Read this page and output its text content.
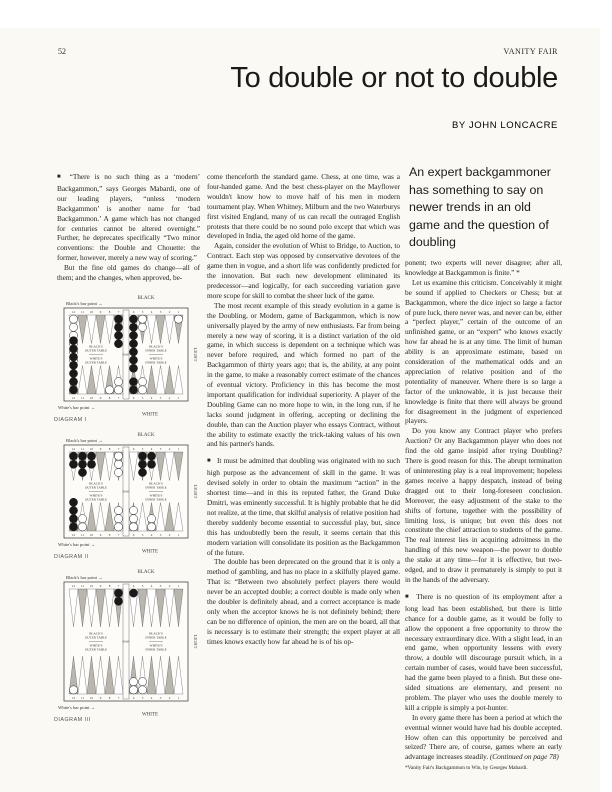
52	VANITY FAIR
To double or not to double
BY JOHN LONCACRE

■ “There is no such thing as a ‘modern’ Backgammon,” says Georges Mabardi, one of our leading players, “unless ‘modern Backgammon’ is another name for ‘bad Backgammon.’ A game which has not changed for centuries cannot be altered overnight.” Further, he deprecates specifically “Two minor conventions: the Double and Chouette: the former, however, merely a new way of scoring.”

But the fine old games do change—all of them; and the changes, when approved, be-

BLACK
Black's bar point →
BAR
12
12
11
11
10
10
9
9
8
8
7
7
6
6
5
5
4
4
3
3
2
2
1
1
BLACK'S
OUTER TABLE
BLACK'S
INNER TABLE
WHITE'S
OUTER TABLE
WHITE'S
INNER TABLE
LIGHT
White's bar point →
WHITE
DIAGRAM I
BLACK
Black's bar point →
BAR
12
12
11
11
10
10
9
9
8
8
7
7
6
6
5
5
4
4
3
3
2
2
1
1
BLACK'S
OUTER TABLE
BLACK'S
INNER TABLE
WHITE'S
OUTER TABLE
WHITE'S
INNER TABLE
LIGHT
White's bar point →
WHITE
DIAGRAM II
BLACK
Black's bar point →
BAR
12
12
11
11
10
10
9
9
8
8
7
7
6
6
5
5
4
4
3
3
2
2
1
1
BLACK'S
OUTER TABLE
BLACK'S
INNER TABLE
WHITE'S
OUTER TABLE
WHITE'S
INNER TABLE
LIGHT
White's bar point →
WHITE
DIAGRAM III

come thenceforth the standard game. Chess, at one time, was a four-handed game. And the best chess-player on the Mayflower wouldn't know how to move half of his men in modern tournament play. When Whitney, Milburn and the two Waterburys first visited England, many of us can recall the outraged English protests that there could be no sound polo except that which was developed in India, the aged old home of the game.

Again, consider the evolution of Whist to Bridge, to Auction, to Contract. Each step was opposed by conservative devotees of the game then in vogue, and a short life was confidently predicted for the innovation. But each new development eliminated its predecessor—and logically, for each succeeding variation gave more scope for skill to combat the sheer luck of the game.

The most recent example of this steady evolution in a game is the Doubling, or Modern, game of Backgammon, which is now universally played by the army of new enthusiasts. Far from being merely a new way of scoring, it is a distinct variation of the old game, in which success is dependent on a technique which was never before required, and which formed no part of the Backgammon of thirty years ago; that is, the ability, at any point in the game, to make a reasonably correct estimate of the chances of eventual victory. Proficiency in this has become the most important qualification for individual superiority. A player of the Doubling Game can no more hope to win, in the long run, if he lacks sound judgment in offering, accepting or declining the double, than can the Auction player who essays Contract, without the ability to estimate exactly the trick-taking values of his own and his partner's hands.

■ It must be admitted that doubling was originated with no such high purpose as the advancement of skill in the game. It was devised solely in order to obtain the maximum “action” in the shortest time—and in this its reputed father, the Grand Duke Dmitri, was eminently successful. It is highly probable that he did not realize, at the time, that skilful analysis of relative position had thereby suddenly become essential to successful play, but, since this has undoubtedly been the result, it seems certain that this modern variation will consolidate its position as the Backgammon of the future.

The double has been deprecated on the ground that it is only a method of gambling, and has no place in a skilfully played game. That is: “Between two absolutely perfect players there would never be an accepted double; a correct double is made only when the doubler is definitely ahead, and a correct acceptance is made only when the acceptor knows he is not definitely behind; there can be no difference of opinion, the men are on the board, all that is necessary is to estimate their strength; the expert player at all times knows exactly how far ahead he is of his op-

An expert backgammoner has something to say on newer trends in an old game and the question of doubling

ponent; two experts will never disagree; after all, knowledge at Backgammon is finite.” *

Let us examine this criticism. Conceivably it might be sound if applied to Checkers or Chess; but at Backgammon, where the dice inject so large a factor of pure luck, there never was, and never can be, either a “perfect player,” certain of the outcome of an unfinished game, or an “expert” who knows exactly how far ahead he is at any time. The limit of human ability is an approximate estimate, based on consideration of the mathematical odds and an appreciation of relative position and of the potentiality of maneuver. Where there is so large a factor of the unknowable, it is just because their knowledge is finite that there will always be ground for disagreement in the judgment of experienced players.

Do you know any Contract player who prefers Auction? Or any Backgammon player who does not find the old game insipid after trying Doubling? There is good reason for this. The abrupt termination of uninteresting play is a real improvement; hopeless games receive a happy despatch, instead of being dragged out to their long-foreseen conclusion. Moreover, the easy adjustment of the stake to the shifts of fortune, together with the possibility of limiting loss, is unique; but even this does not constitute the chief attraction to students of the game. The real interest lies in acquiring adroitness in the handling of this new weapon—the power to double the stake at any time—for it is effective, but two-edged, and to draw it prematurely is simply to put it in the hands of the adversary.

■ There is no question of its employment after a long lead has been established, but there is little chance for a double game, as it would be folly to allow the opponent a free opportunity to throw the necessary extraordinary dice. With a slight lead, in an end game, when opportunity lessens with every throw, a double will discourage pursuit which, in a certain number of cases, would have been successful, had the game been played to a finish. But these one-sided situations are elementary, and present no problem. The player who uses the double merely to kill a cripple is simply a pot-hunter.

In every game there has been a period at which the eventual winner would have had his double accepted. How often can this opportunity be perceived and seized? There are, of course, games where an early advantage increases steadily. (Continued on page 78)

*Vanity Fair's Backgammon to Win, by Georges Mabardi.
